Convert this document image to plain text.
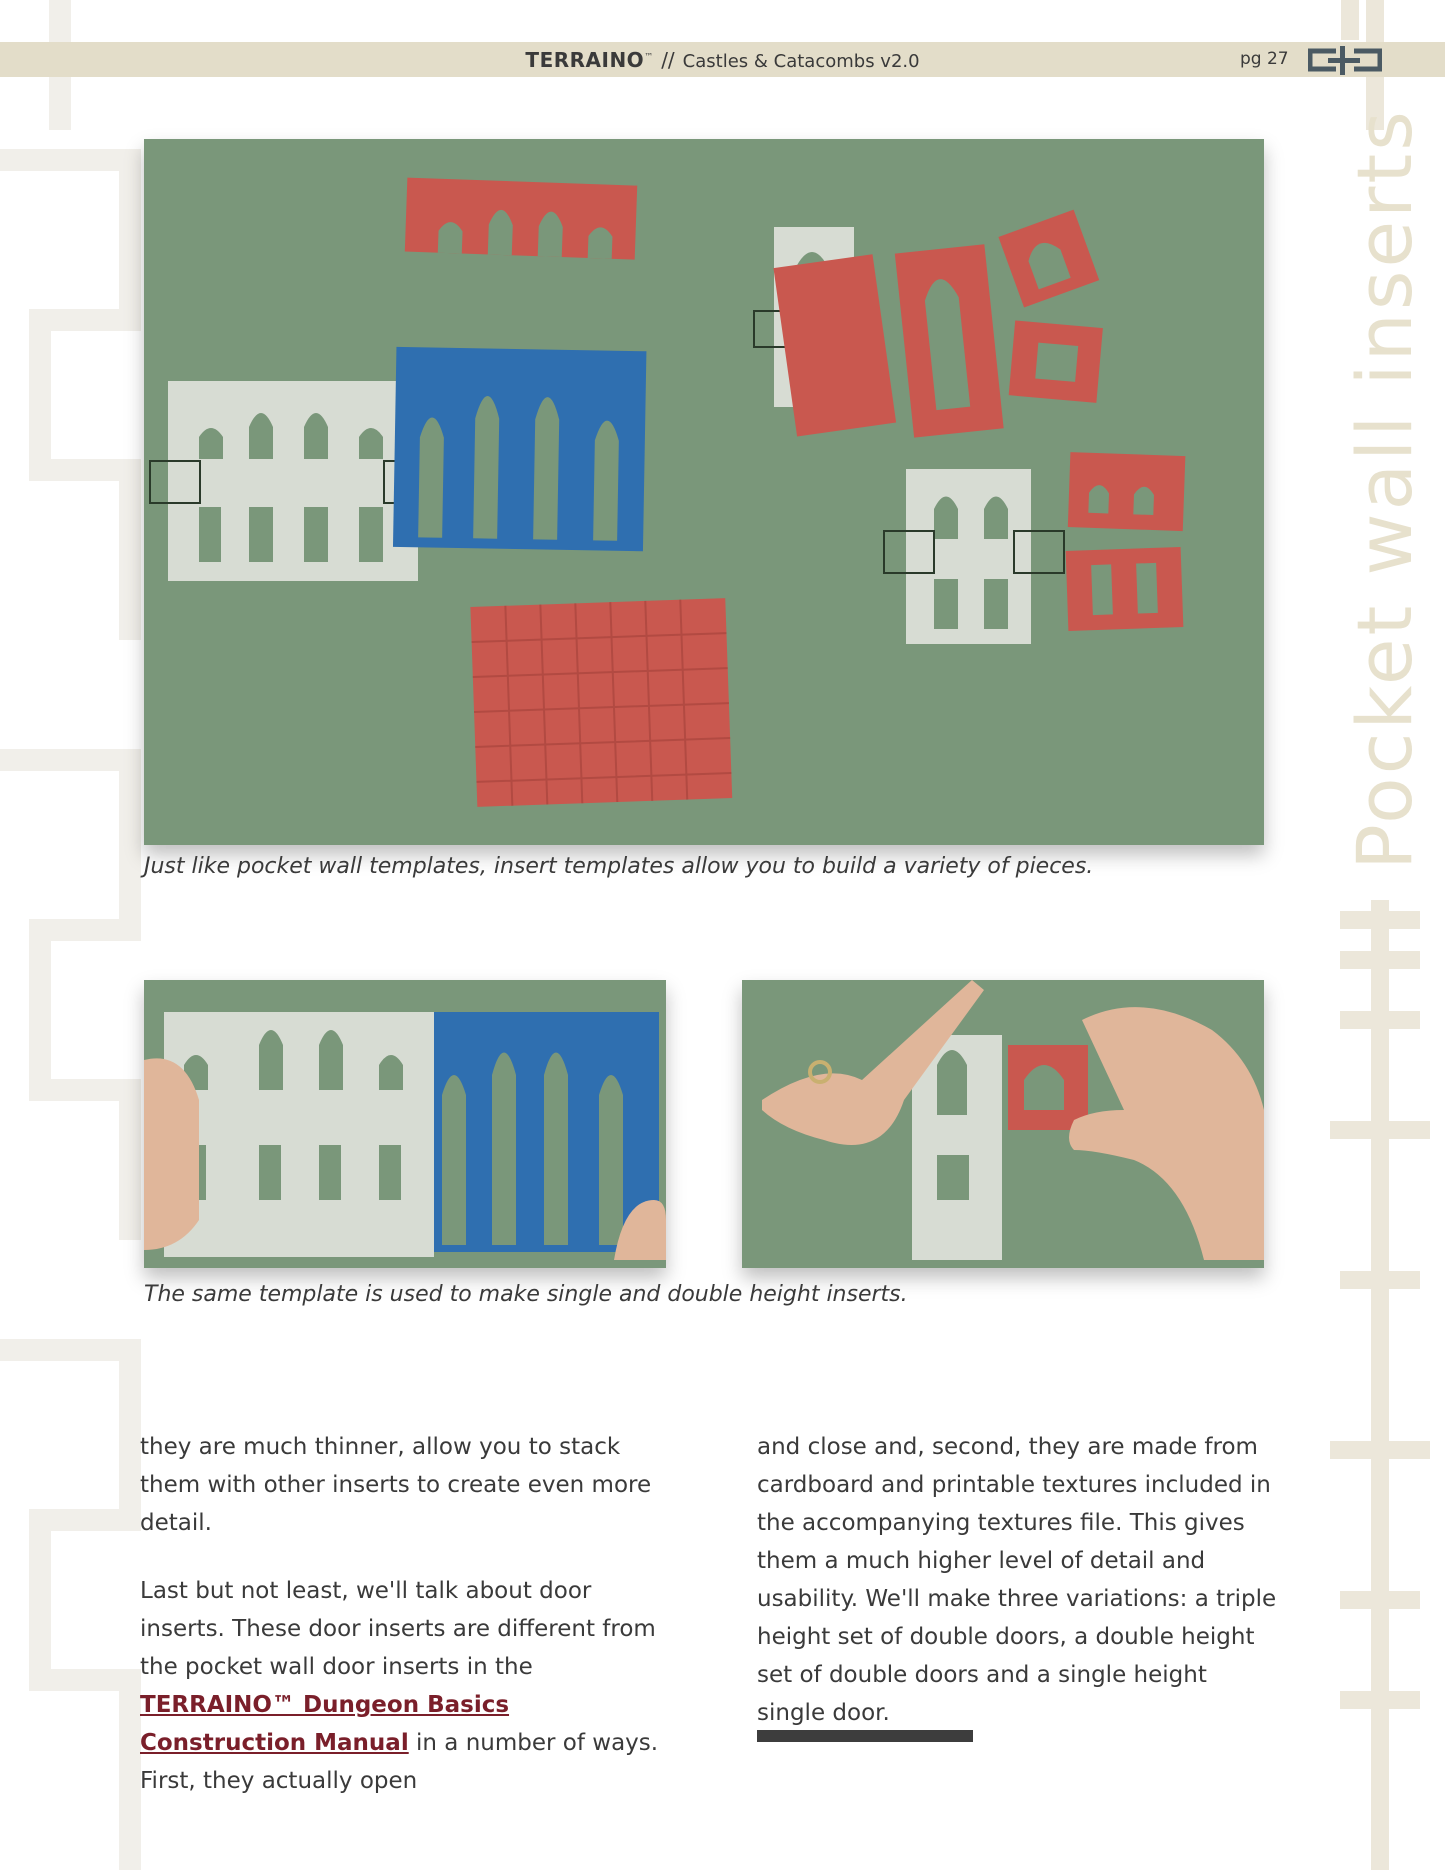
TERRAINO™ // Castles & Catacombs v2.0	pg 27
Pocket wall inserts
Just like pocket wall templates, insert templates allow you to build a variety of pieces.
The same template is used to make single and double height inserts.

they are much thinner, allow you to stack them with other inserts to create even more detail.

Last but not least, we'll talk about door inserts. These door inserts are different from the pocket wall door inserts in the TERRAINO™ Dungeon Basics Construction Manual in a number of ways. First, they actually open

and close and, second, they are made from cardboard and printable textures included in the accompanying textures file. This gives them a much higher level of detail and usability. We'll make three variations: a triple height set of double doors, a double height set of double doors and a single height single door.
